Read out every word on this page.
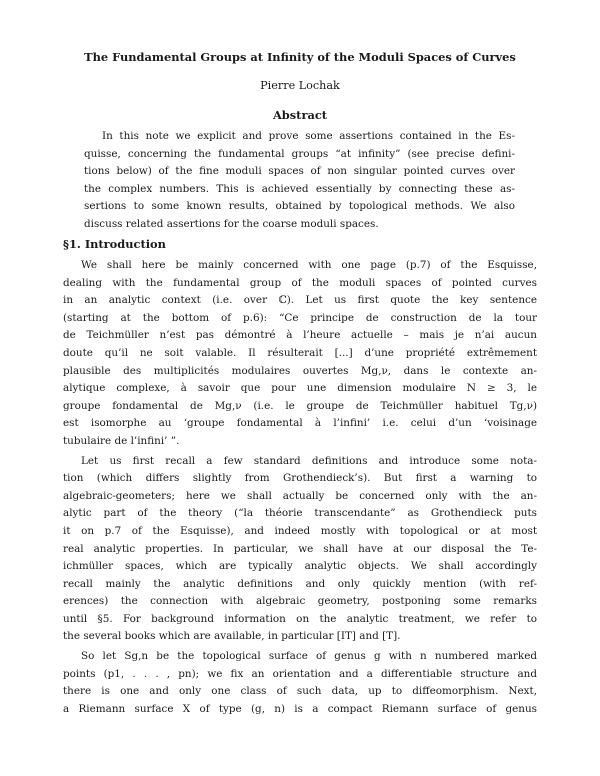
The Fundamental Groups at Infinity of the Moduli Spaces of Curves
Pierre Lochak
Abstract
In this note we explicit and prove some assertions contained in the Es-
quisse, concerning the fundamental groups “at infinity” (see precise defini-
tions below) of the fine moduli spaces of non singular pointed curves over
the complex numbers. This is achieved essentially by connecting these as-
sertions to some known results, obtained by topological methods. We also
discuss related assertions for the coarse moduli spaces.
§1. Introduction
We shall here be mainly concerned with one page (p.7) of the Esquisse,
dealing with the fundamental group of the moduli spaces of pointed curves
in an analytic context (i.e. over ℂ). Let us first quote the key sentence
(starting at the bottom of p.6): “Ce principe de construction de la tour
de Teichmüller n’est pas démontré à l’heure actuelle – mais je n’ai aucun
doute qu’il ne soit valable. Il résulterait [...] d’une propriété extrêmement
plausible des multiplicités modulaires ouvertes Mg,ν, dans le contexte an-
alytique complexe, à savoir que pour une dimension modulaire N ≥ 3, le
groupe fondamental de Mg,ν (i.e. le groupe de Teichmüller habituel Tg,ν)
est isomorphe au ‘groupe fondamental à l’infini’ i.e. celui d’un ‘voisinage
tubulaire de l’infini’ ”.
Let us first recall a few standard definitions and introduce some nota-
tion (which differs slightly from Grothendieck’s). But first a warning to
algebraic-geometers; here we shall actually be concerned only with the an-
alytic part of the theory (“la théorie transcendante” as Grothendieck puts
it on p.7 of the Esquisse), and indeed mostly with topological or at most
real analytic properties. In particular, we shall have at our disposal the Te-
ichmüller spaces, which are typically analytic objects. We shall accordingly
recall mainly the analytic definitions and only quickly mention (with ref-
erences) the connection with algebraic geometry, postponing some remarks
until §5. For background information on the analytic treatment, we refer to
the several books which are available, in particular [IT] and [T].
So let Sg,n be the topological surface of genus g with n numbered marked
points (p1, . . . , pn); we fix an orientation and a differentiable structure and
there is one and only one class of such data, up to diffeomorphism. Next,
a Riemann surface X of type (g, n) is a compact Riemann surface of genus
